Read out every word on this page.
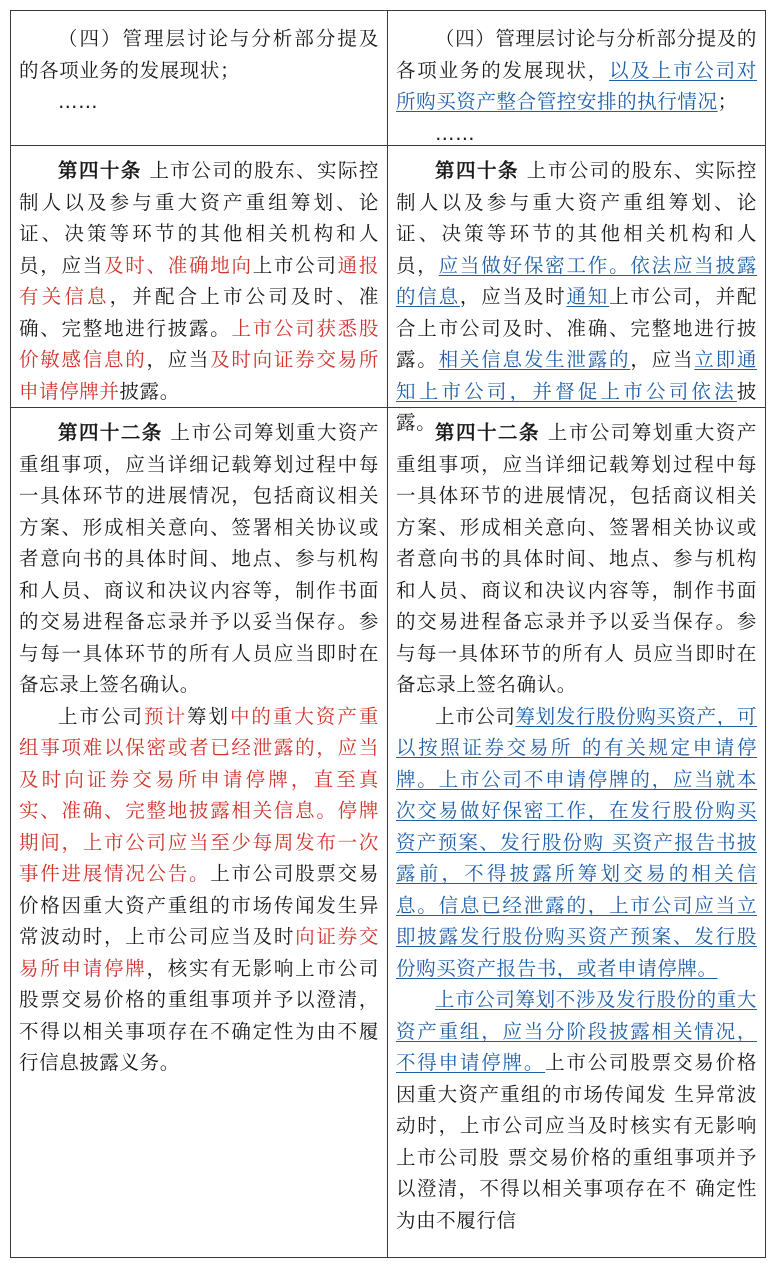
（四）管理层讨论与分析部分提及的各项业务的发展现状；

……

（四）管理层讨论与分析部分提及的各项业务的发展现状，以及上市公司对所购买资产整合管控安排的执行情况；

……

第四十条 上市公司的股东、实际控制人以及参与重大资产重组筹划、论证、决策等环节的其他相关机构和人员，应当及时、准确地向上市公司通报有关信息，并配合上市公司及时、准确、完整地进行披露。上市公司获悉股价敏感信息的，应当及时向证券交易所申请停牌并披露。

第四十条 上市公司的股东、实际控制人以及参与重大资产重组筹划、论证、决策等环节的其他相关机构和人员，应当做好保密工作。依法应当披露的信息，应当及时通知上市公司，并配合上市公司及时、准确、完整地进行披露。相关信息发生泄露的，应当立即通知上市公司，并督促上市公司依法披露。

第四十二条 上市公司筹划重大资产重组事项，应当详细记载筹划过程中每一具体环节的进展情况，包括商议相关方案、形成相关意向、签署相关协议或者意向书的具体时间、地点、参与机构和人员、商议和决议内容等，制作书面的交易进程备忘录并予以妥当保存。参与每一具体环节的所有人员应当即时在备忘录上签名确认。

上市公司预计筹划中的重大资产重组事项难以保密或者已经泄露的，应当及时向证券交易所申请停牌，直至真实、准确、完整地披露相关信息。停牌期间，上市公司应当至少每周发布一次事件进展情况公告。上市公司股票交易价格因重大资产重组的市场传闻发生异常波动时，上市公司应当及时向证券交易所申请停牌，核实有无影响上市公司股票交易价格的重组事项并予以澄清，不得以相关事项存在不确定性为由不履行信息披露义务。

第四十二条 上市公司筹划重大资产重组事项，应当详细记载筹划过程中每一具体环节的进展情况，包括商议相关方案、形成相关意向、签署相关协议或者意向书的具体时间、地点、参与机构和人员、商议和决议内容等，制作书面的交易进程备忘录并予以妥当保存。参与每一具体环节的所有人 员应当即时在备忘录上签名确认。

上市公司筹划发行股份购买资产，可以按照证券交易所 的有关规定申请停牌。上市公司不申请停牌的，应当就本次交易做好保密工作，在发行股份购买资产预案、发行股份购 买资产报告书披露前，不得披露所筹划交易的相关信息。信息已经泄露的，上市公司应当立即披露发行股份购买资产预案、发行股份购买资产报告书，或者申请停牌。

上市公司筹划不涉及发行股份的重大资产重组，应当分阶段披露相关情况，不得申请停牌。上市公司股票交易价格因重大资产重组的市场传闻发 生异常波动时，上市公司应当及时核实有无影响上市公司股 票交易价格的重组事项并予以澄清，不得以相关事项存在不 确定性为由不履行信
